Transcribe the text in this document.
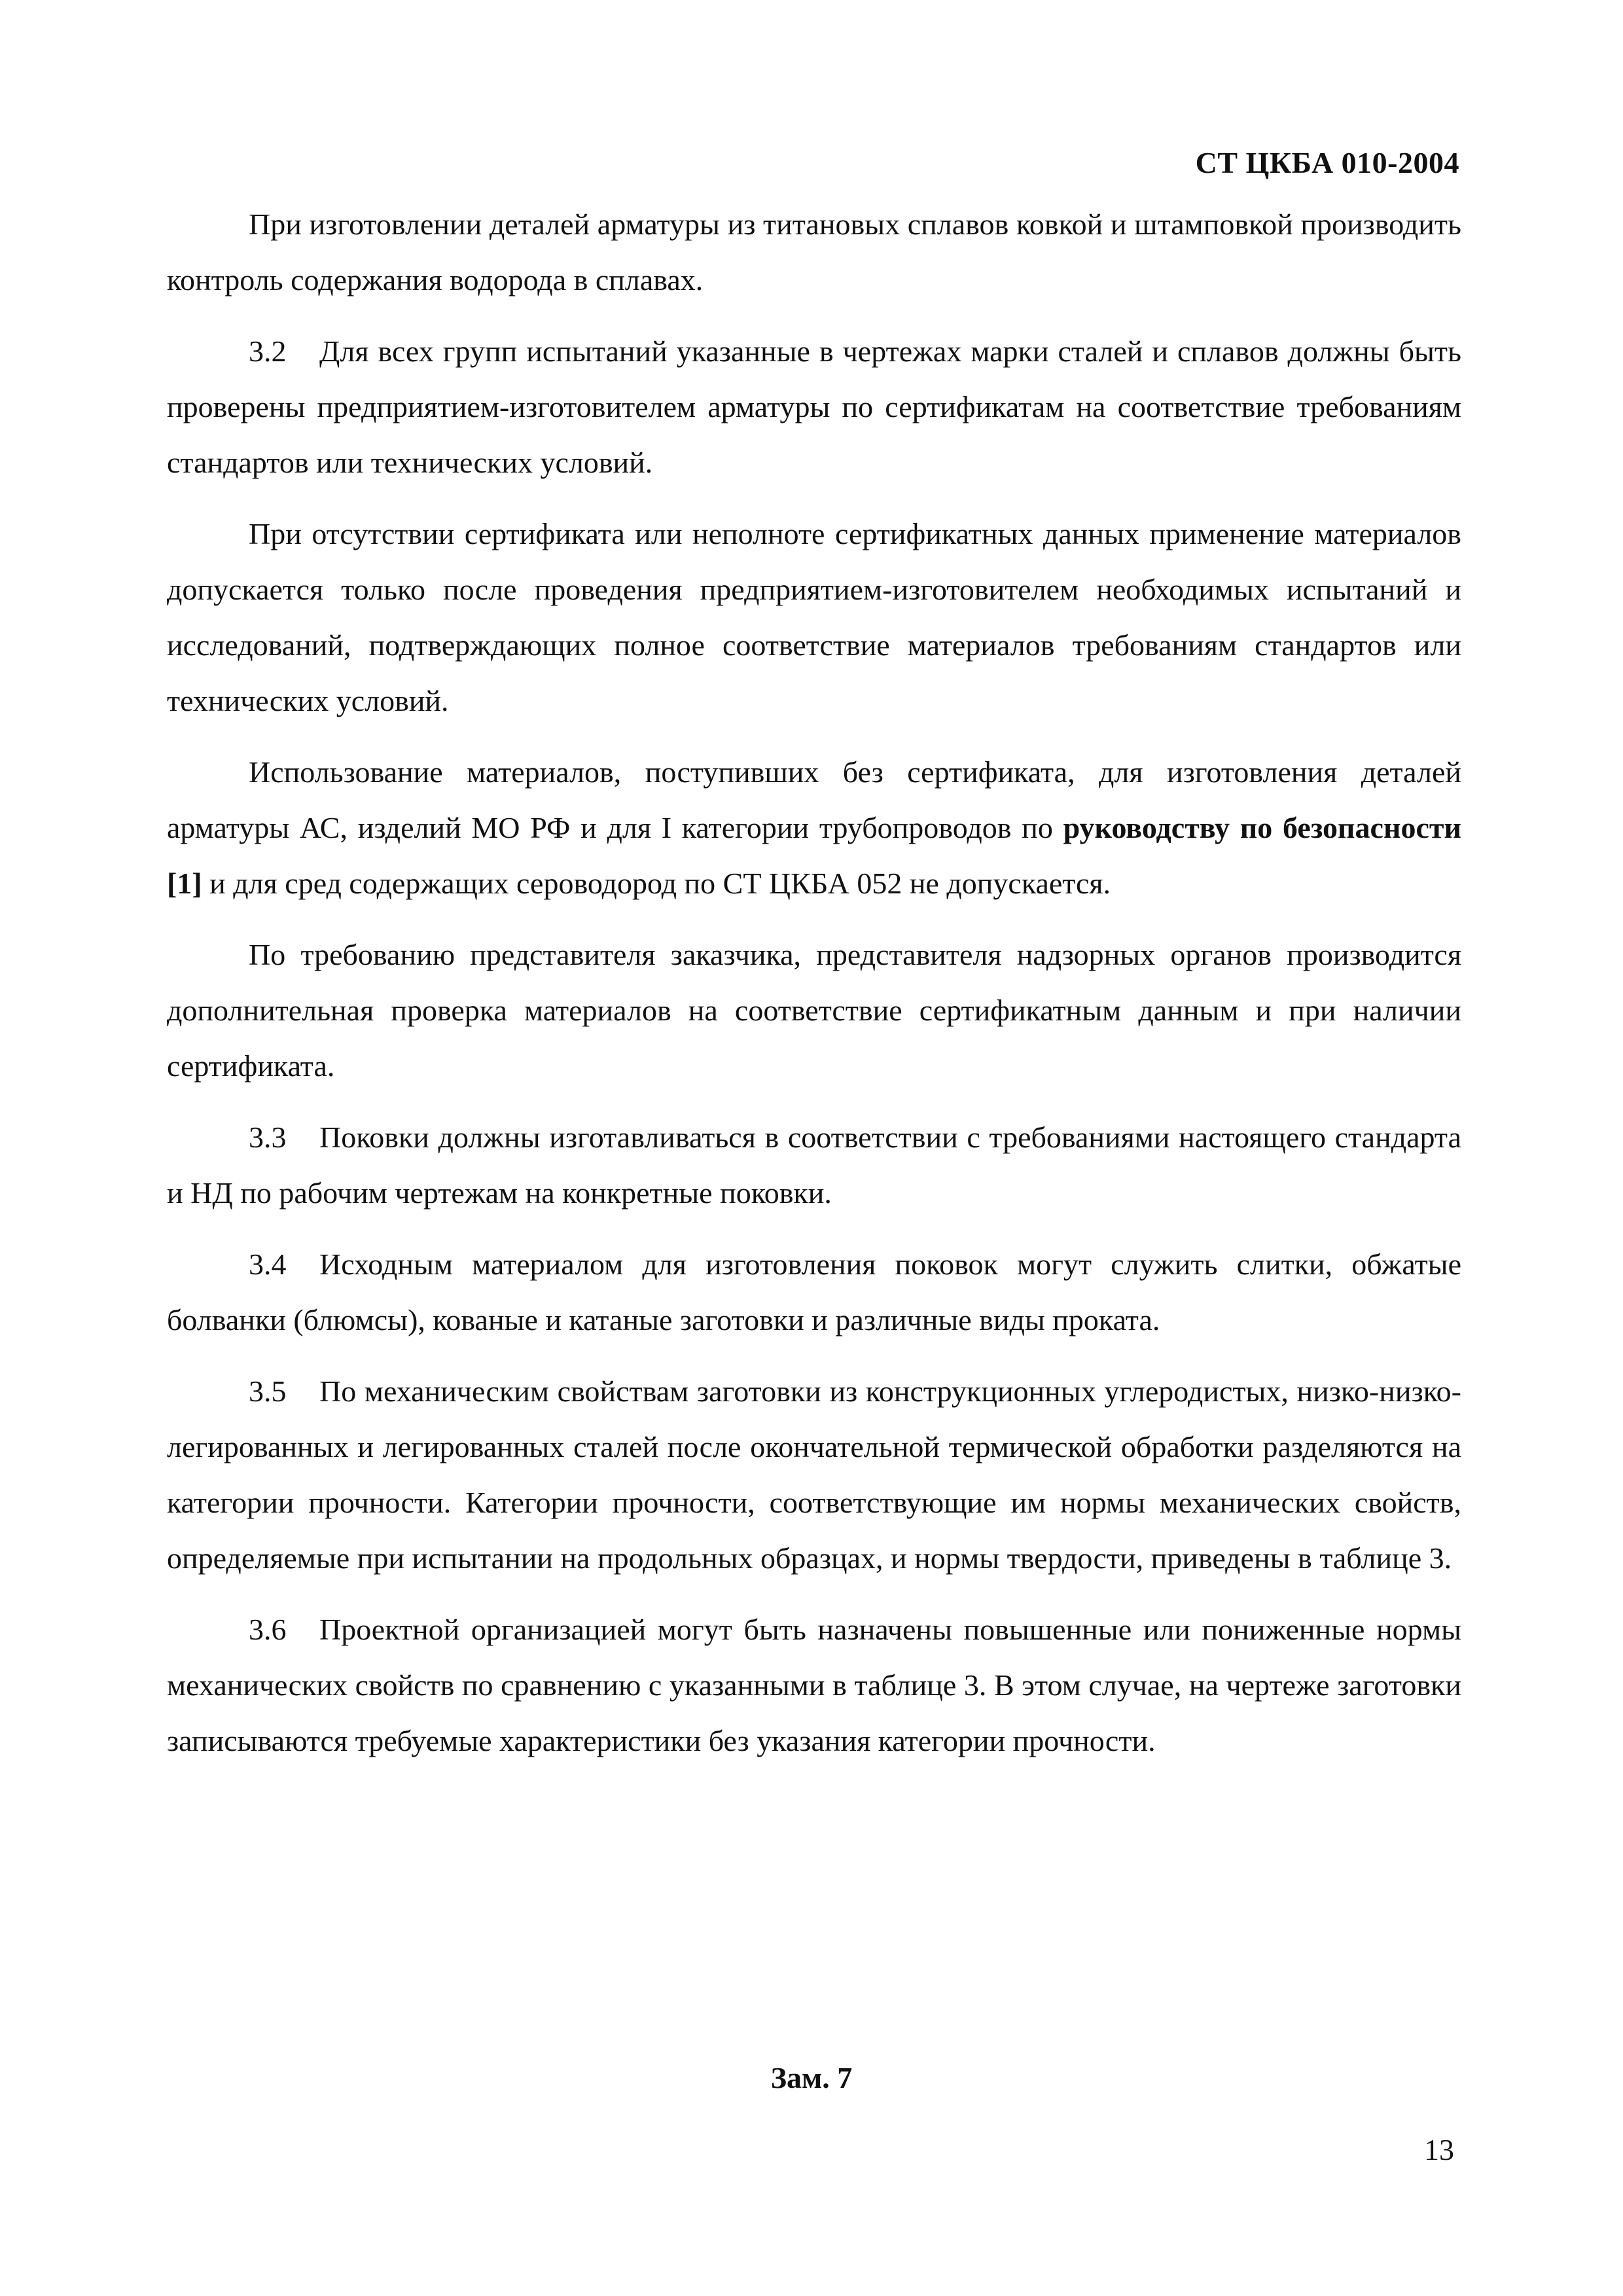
СТ ЦКБА 010-2004

При изготовлении деталей арматуры из титановых сплавов ковкой и штамповкой производить контроль содержания водорода в сплавах.

3.2 Для всех групп испытаний указанные в чертежах марки сталей и сплавов должны быть проверены предприятием-изготовителем арматуры по сертификатам на соответствие требованиям стандартов или технических условий.

При отсутствии сертификата или неполноте сертификатных данных применение материалов допускается только после проведения предприятием-изготовителем необходимых испытаний и исследований, подтверждающих полное соответствие материалов требованиям стандартов или технических условий.

Использование материалов, поступивших без сертификата, для изготовления деталей арматуры АС, изделий МО РФ и для I категории трубопроводов по руководству по безопасности [1] и для сред содержащих сероводород по СТ ЦКБА 052 не допускается.

По требованию представителя заказчика, представителя надзорных органов производится дополнительная проверка материалов на соответствие сертификатным данным и при наличии сертификата.

3.3 Поковки должны изготавливаться в соответствии с требованиями настоящего стандарта и НД по рабочим чертежам на конкретные поковки.

3.4 Исходным материалом для изготовления поковок могут служить слитки, обжатые болванки (блюмсы), кованые и катаные заготовки и различные виды проката.

3.5 По механическим свойствам заготовки из конструкционных углеродистых, низко-низко-легированных и легированных сталей после окончательной термической обработки разделяются на категории прочности. Категории прочности, соответствующие им нормы механических свойств, определяемые при испытании на продольных образцах, и нормы твердости, приведены в таблице 3.

3.6 Проектной организацией могут быть назначены повышенные или пониженные нормы механических свойств по сравнению с указанными в таблице 3. В этом случае, на чертеже заготовки записываются требуемые характеристики без указания категории прочности.

Зам. 7
13
